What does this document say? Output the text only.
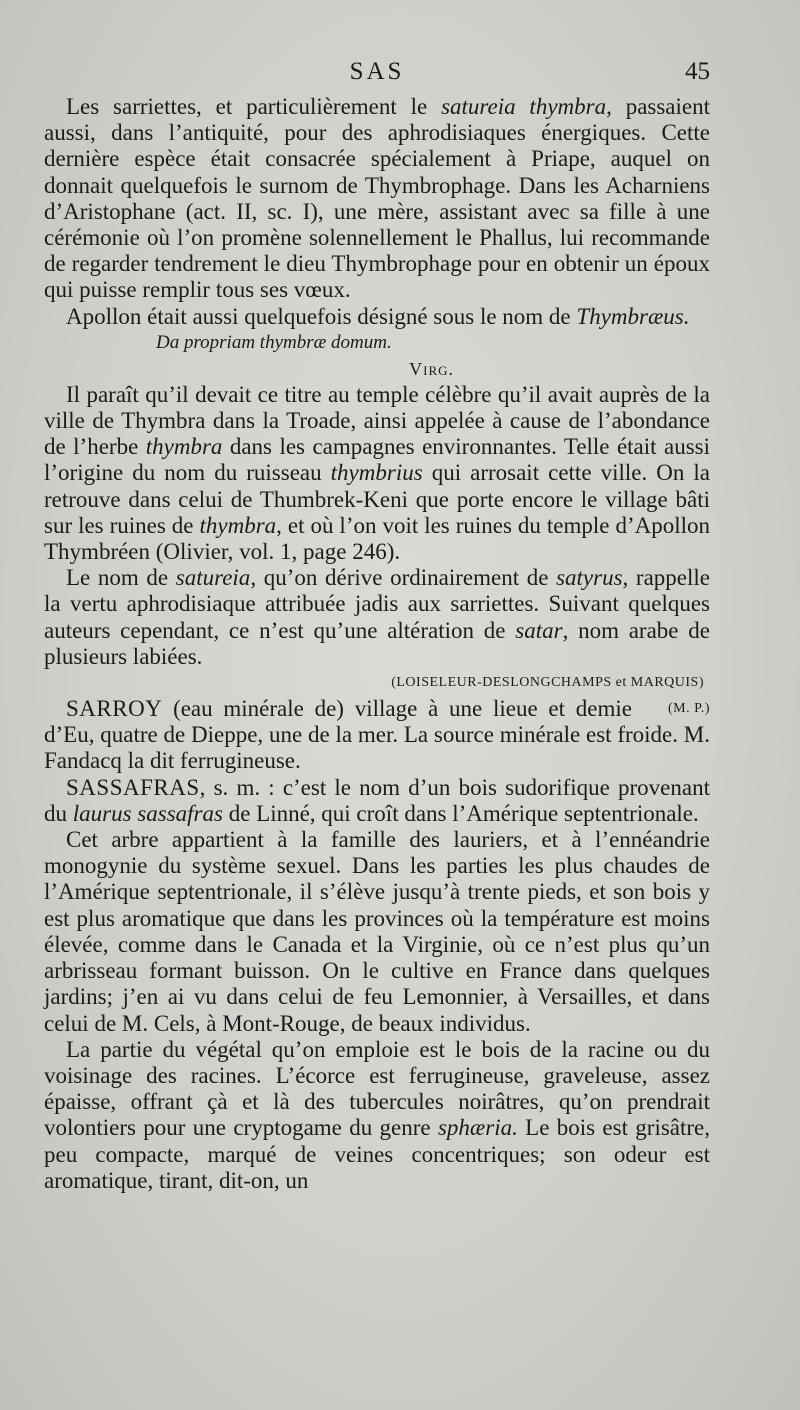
SAS	45

Les sarriettes, et particulièrement le satureia thymbra, passaient aussi, dans l’antiquité, pour des aphrodisiaques énergiques. Cette dernière espèce était consacrée spécialement à Priape, auquel on donnait quelquefois le surnom de Thymbrophage. Dans les Acharniens d’Aristophane (act. II, sc. I), une mère, assistant avec sa fille à une cérémonie où l’on promène solennellement le Phallus, lui recommande de regarder tendrement le dieu Thymbrophage pour en obtenir un époux qui puisse remplir tous ses vœux.

Apollon était aussi quelquefois désigné sous le nom de Thymbræus.

Da propriam thymbræ domum.
Virg.

Il paraît qu’il devait ce titre au temple célèbre qu’il avait auprès de la ville de Thymbra dans la Troade, ainsi appelée à cause de l’abondance de l’herbe thymbra dans les campagnes environnantes. Telle était aussi l’origine du nom du ruisseau thymbrius qui arrosait cette ville. On la retrouve dans celui de Thumbrek-Keni que porte encore le village bâti sur les ruines de thymbra, et où l’on voit les ruines du temple d’Apollon Thymbréen (Olivier, vol. 1, page 246).

Le nom de satureia, qu’on dérive ordinairement de satyrus, rappelle la vertu aphrodisiaque attribuée jadis aux sarriettes. Suivant quelques auteurs cependant, ce n’est qu’une altération de satar, nom arabe de plusieurs labiées.

(LOISELEUR-DESLONGCHAMPS et MARQUIS)

(M. P.)
SARROY (eau minérale de) village à une lieue et demie d’Eu, quatre de Dieppe, une de la mer. La source minérale est froide. M. Fandacq la dit ferrugineuse.

SASSAFRAS, s. m. : c’est le nom d’un bois sudorifique provenant du laurus sassafras de Linné, qui croît dans l’Amérique septentrionale.

Cet arbre appartient à la famille des lauriers, et à l’ennéandrie monogynie du système sexuel. Dans les parties les plus chaudes de l’Amérique septentrionale, il s’élève jusqu’à trente pieds, et son bois y est plus aromatique que dans les provinces où la température est moins élevée, comme dans le Canada et la Virginie, où ce n’est plus qu’un arbrisseau formant buisson. On le cultive en France dans quelques jardins; j’en ai vu dans celui de feu Lemonnier, à Versailles, et dans celui de M. Cels, à Mont-Rouge, de beaux individus.

La partie du végétal qu’on emploie est le bois de la racine ou du voisinage des racines. L’écorce est ferrugineuse, graveleuse, assez épaisse, offrant çà et là des tubercules noirâtres, qu’on prendrait volontiers pour une cryptogame du genre sphæria. Le bois est grisâtre, peu compacte, marqué de veines concentriques; son odeur est aromatique, tirant, dit-on, un
